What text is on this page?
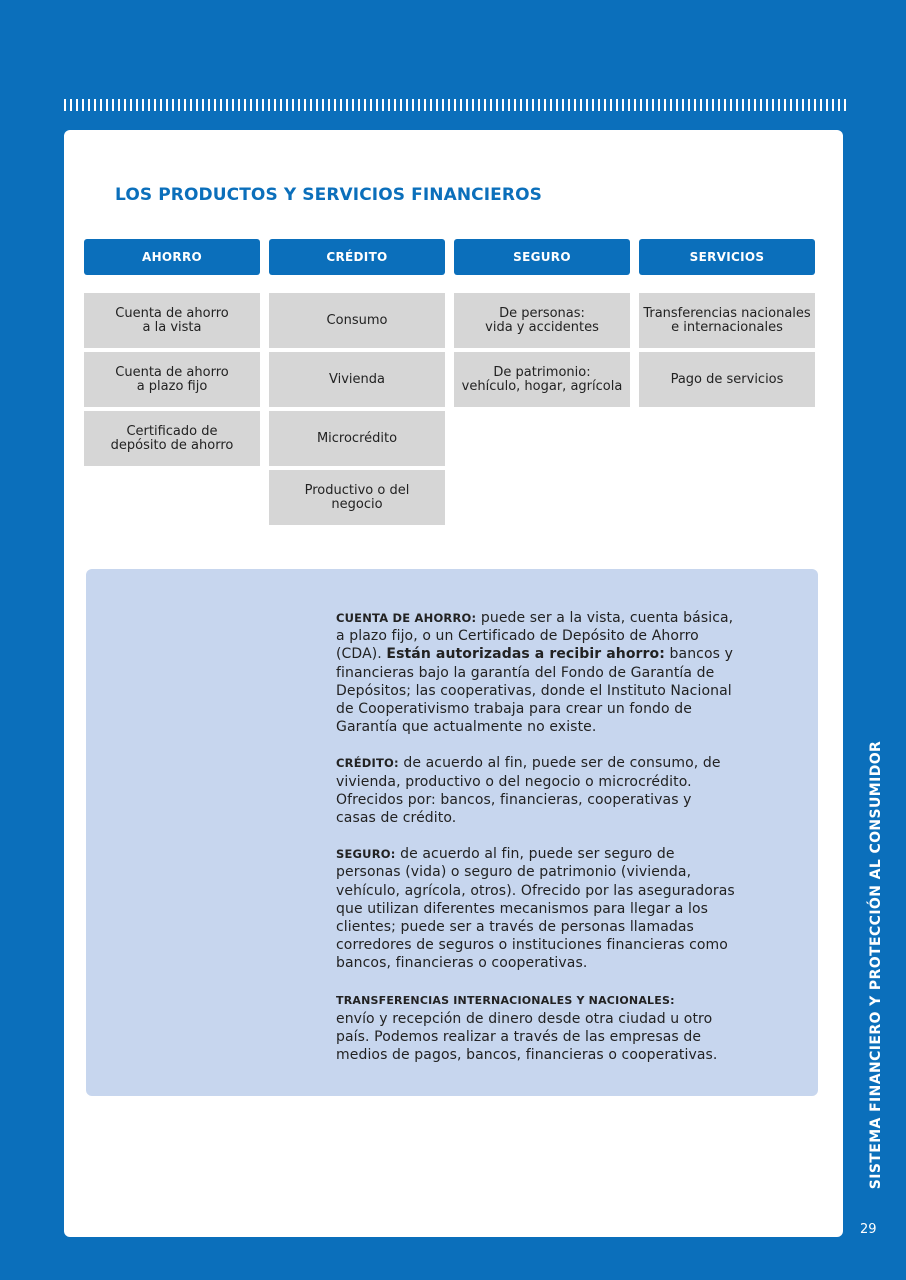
LOS PRODUCTOS Y SERVICIOS FINANCIEROS
AHORRO
Cuenta de ahorro
a la vista
Cuenta de ahorro
a plazo fijo
Certificado de
depósito de ahorro
CRÉDITO
Consumo
Vivienda
Microcrédito
Productivo o del
negocio
SEGURO
De personas:
vida y accidentes
De patrimonio:
vehículo, hogar, agrícola
SERVICIOS
Transferencias nacionales
e internacionales
Pago de servicios

CUENTA DE AHORRO: puede ser a la vista, cuenta básica, a plazo fijo, o un Certificado de Depósito de Ahorro (CDA). Están autorizadas a recibir ahorro: bancos y financieras bajo la garantía del Fondo de Garantía de Depósitos; las cooperativas, donde el Instituto Nacional de Cooperativismo trabaja para crear un fondo de Garantía que actualmente no existe.

CRÉDITO: de acuerdo al fin, puede ser de consumo, de vivienda, productivo o del negocio o microcrédito. Ofrecidos por: bancos, financieras, cooperativas y casas de crédito.

SEGURO: de acuerdo al fin, puede ser seguro de personas (vida) o seguro de patrimonio (vivienda, vehículo, agrícola, otros). Ofrecido por las aseguradoras que utilizan diferentes mecanismos para llegar a los clientes; puede ser a través de personas llamadas corredores de seguros o instituciones financieras como bancos, financieras o cooperativas.

TRANSFERENCIAS INTERNACIONALES Y NACIONALES:
envío y recepción de dinero desde otra ciudad u otro país. Podemos realizar a través de las empresas de medios de pagos, bancos, financieras o cooperativas.	SISTEMA FINANCIERO Y PROTECCIÓN AL CONSUMIDOR
29
